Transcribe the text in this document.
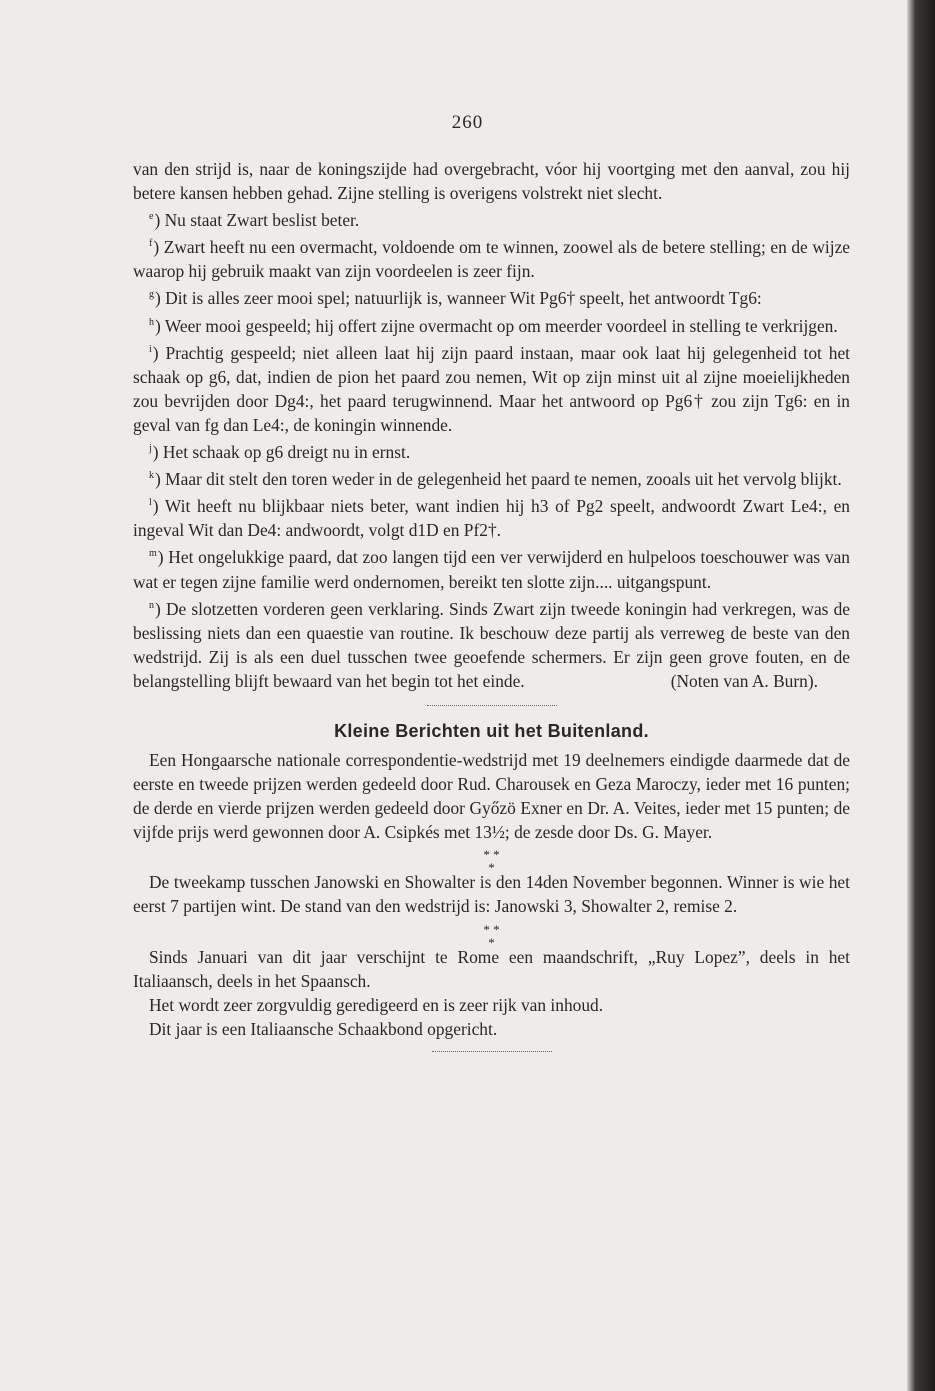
260

van den strijd is, naar de koningszijde had overgebracht, vóor hij voortging met den aanval, zou hij betere kansen hebben gehad. Zijne stelling is overigens volstrekt niet slecht.

$^e$) Nu staat Zwart beslist beter.

$^f$) Zwart heeft nu een overmacht, voldoende om te winnen, zoowel als de betere stelling; en de wijze waarop hij gebruik maakt van zijn voordeelen is zeer fijn.

$^g$) Dit is alles zeer mooi spel; natuurlijk is, wanneer Wit Pg6† speelt, het antwoordt Tg6:

$^h$) Weer mooi gespeeld; hij offert zijne overmacht op om meerder voordeel in stelling te verkrijgen.

$^i$) Prachtig gespeeld; niet alleen laat hij zijn paard instaan, maar ook laat hij gelegenheid tot het schaak op g6, dat, indien de pion het paard zou nemen, Wit op zijn minst uit al zijne moeielijkheden zou bevrijden door Dg4:, het paard terugwinnend. Maar het antwoord op Pg6† zou zijn Tg6: en in geval van fg dan Le4:, de koningin winnende.

$^j$) Het schaak op g6 dreigt nu in ernst.

$^k$) Maar dit stelt den toren weder in de gelegenheid het paard te nemen, zooals uit het vervolg blijkt.

$^l$) Wit heeft nu blijkbaar niets beter, want indien hij h3 of Pg2 speelt, andwoordt Zwart Le4:, en ingeval Wit dan De4: andwoordt, volgt d1D en Pf2†.

$^m$) Het ongelukkige paard, dat zoo langen tijd een ver verwijderd en hulpeloos toeschouwer was van wat er tegen zijne familie werd ondernomen, bereikt ten slotte zijn.... uitgangspunt.

$^n$) De slotzetten vorderen geen verklaring. Sinds Zwart zijn tweede koningin had verkregen, was de beslissing niets dan een quaestie van routine. Ik beschouw deze partij als verreweg de beste van den wedstrijd. Zij is als een duel tusschen twee geoefende schermers. Er zijn geen grove fouten, en de belangstelling blijft bewaard van het begin tot het einde.	(Noten van A. Burn).

Kleine Berichten uit het Buitenland.

Een Hongaarsche nationale correspondentie-wedstrijd met 19 deelnemers eindigde daarmede dat de eerste en tweede prijzen werden gedeeld door Rud. Charousek en Geza Maroczy, ieder met 16 punten; de derde en vierde prijzen werden gedeeld door Győzö Exner en Dr. A. Veites, ieder met 15 punten; de vijfde prijs werd gewonnen door A. Csipkés met 13½; de zesde door Ds. G. Mayer.

* *
*

De tweekamp tusschen Janowski en Showalter is den 14den November begonnen. Winner is wie het eerst 7 partijen wint. De stand van den wedstrijd is: Janowski 3, Showalter 2, remise 2.

* *
*

Sinds Januari van dit jaar verschijnt te Rome een maandschrift, „Ruy Lopez”, deels in het Italiaansch, deels in het Spaansch.

Het wordt zeer zorgvuldig geredigeerd en is zeer rijk van inhoud.

Dit jaar is een Italiaansche Schaakbond opgericht.
